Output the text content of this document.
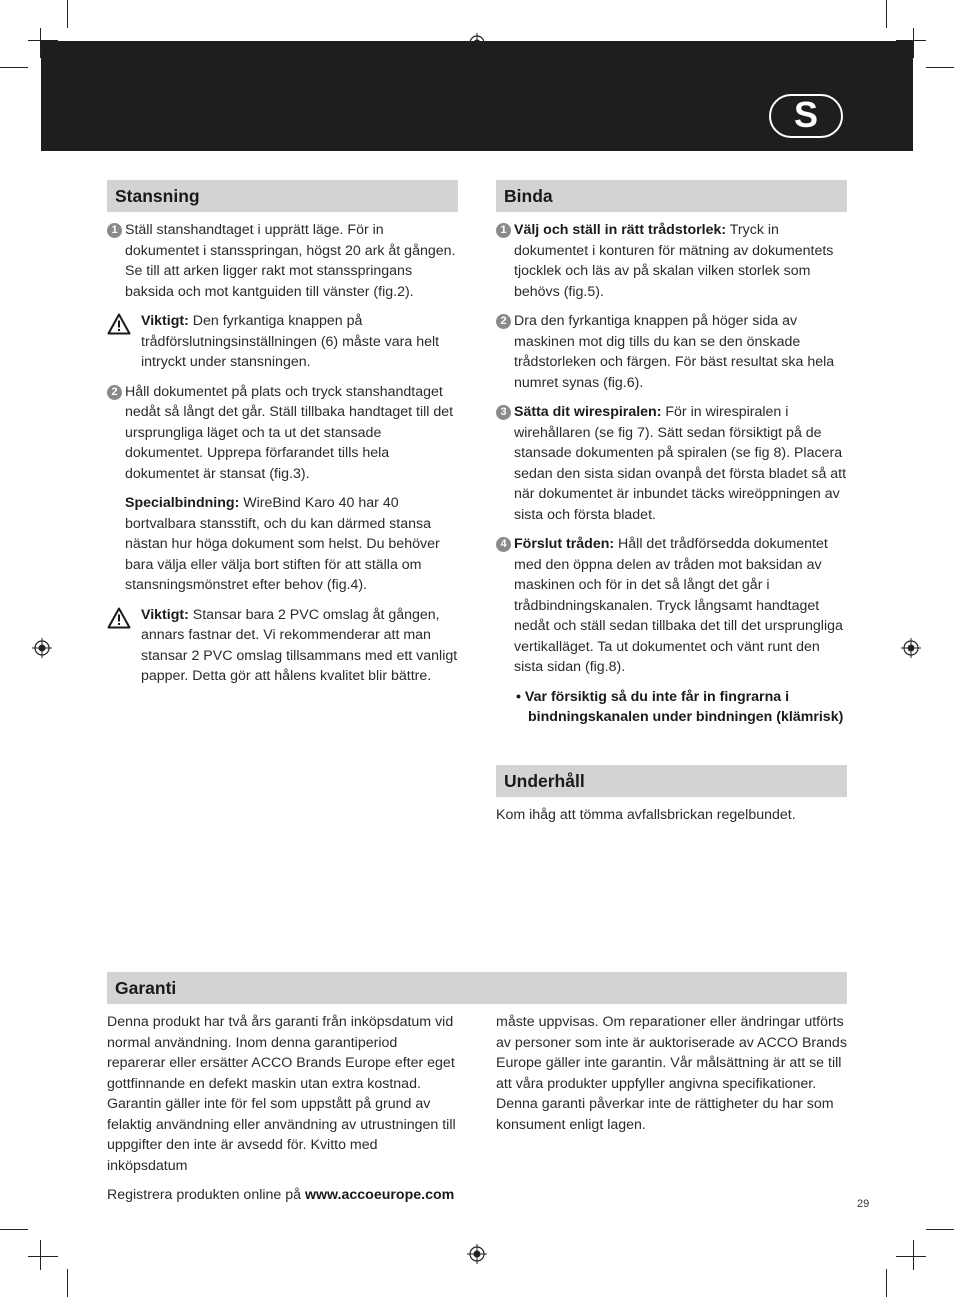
S
Stansning

1 Ställ stanshandtaget i upprätt läge. För in dokumentet i stansspringan, högst 20 ark åt gången. Se till att arken ligger rakt mot stansspringans baksida och mot kantguiden till vänster (fig.2).

Viktigt: Den fyrkantiga knappen på trådförslutningsinställningen (6) måste vara helt intryckt under stansningen.

2 Håll dokumentet på plats och tryck stanshandtaget nedåt så långt det går. Ställ tillbaka handtaget till det ursprungliga läget och ta ut det stansade dokumentet. Upprepa förfarandet tills hela dokumentet är stansat (fig.3).

Specialbindning: WireBind Karo 40 har 40 bortvalbara stansstift, och du kan därmed stansa nästan hur höga dokument som helst. Du behöver bara välja eller välja bort stiften för att ställa om stansningsmönstret efter behov (fig.4).

Viktigt: Stansar bara 2 PVC omslag åt gången, annars fastnar det. Vi rekommenderar att man stansar 2 PVC omslag tillsammans med ett vanligt papper. Detta gör att hålens kvalitet blir bättre.

Binda

1 Välj och ställ in rätt trådstorlek: Tryck in dokumentet i konturen för mätning av dokumentets tjocklek och läs av på skalan vilken storlek som behövs (fig.5).

2 Dra den fyrkantiga knappen på höger sida av maskinen mot dig tills du kan se den önskade trådstorleken och färgen. För bäst resultat ska hela numret synas (fig.6).

3 Sätta dit wirespiralen: För in wirespiralen i wirehållaren (se fig 7). Sätt sedan försiktigt på de stansade dokumenten på spiralen (se fig 8). Placera sedan den sista sidan ovanpå det första bladet så att när dokumentet är inbundet täcks wireöppningen av sista och första bladet.

4 Förslut tråden: Håll det trådförsedda dokumentet med den öppna delen av tråden mot baksidan av maskinen och för in det så långt det går i trådbindningskanalen. Tryck långsamt handtaget nedåt och ställ sedan tillbaka det till det ursprungliga vertikalläget. Ta ut dokumentet och vänt runt den sista sidan (fig.8).

• Var försiktig så du inte får in fingrarna i bindningskanalen under bindningen (klämrisk)

Underhåll

Kom ihåg att tömma avfallsbrickan regelbundet.

Garanti

Denna produkt har två års garanti från inköpsdatum vid normal användning. Inom denna garantiperiod reparerar eller ersätter ACCO Brands Europe efter eget gottfinnande en defekt maskin utan extra kostnad. Garantin gäller inte för fel som uppstått på grund av felaktig användning eller användning av utrustningen till uppgifter den inte är avsedd för. Kvitto med inköpsdatum

Registrera produkten online på www.accoeurope.com

måste uppvisas. Om reparationer eller ändringar utförts av personer som inte är auktoriserade av ACCO Brands Europe gäller inte garantin. Vår målsättning är att se till att våra produkter uppfyller angivna specifikationer. Denna garanti påverkar inte de rättigheter du har som konsument enligt lagen.

29
